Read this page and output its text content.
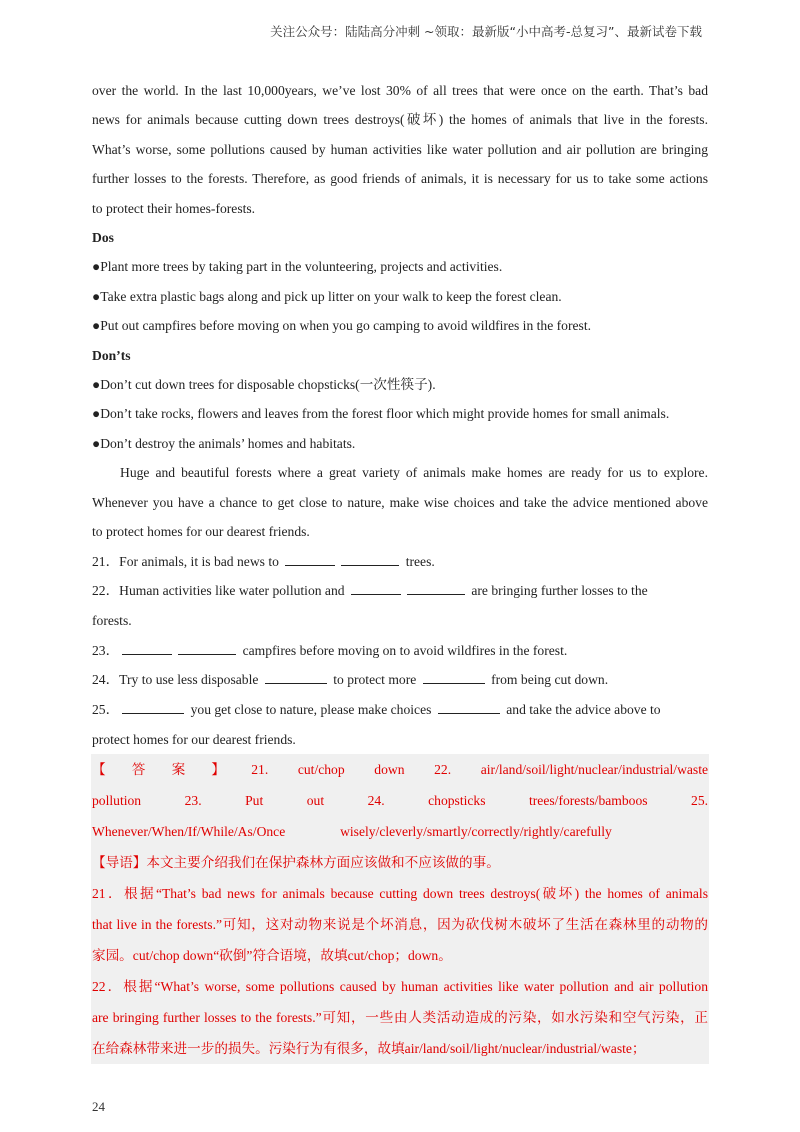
关注公众号：陆陆高分冲刺 ~领取：最新版“小中高考-总复习”、最新试卷下载
over the world. In the last 10,000years, we’ve lost 30% of all trees that were once on the earth. That’s bad
news for animals because cutting down trees destroys(破坏) the homes of animals that live in the forests.
What’s worse, some pollutions caused by human activities like water pollution and air pollution are bringing
further losses to the forests. Therefore, as good friends of animals, it is necessary for us to take some actions
to protect their homes-forests.
Dos
●Plant more trees by taking part in the volunteering, projects and activities.
●Take extra plastic bags along and pick up litter on your walk to keep the forest clean.
●Put out campfires before moving on when you go camping to avoid wildfires in the forest.
Don’ts
●Don’t cut down trees for disposable chopsticks(一次性筷子).
●Don’t take rocks, flowers and leaves from the forest floor which might provide homes for small animals.
●Don’t destroy the animals’ homes and habitats.
Huge and beautiful forests where a great variety of animals make homes are ready for us to explore.
Whenever you have a chance to get close to nature, make wise choices and take the advice mentioned above
to protect homes for our dearest friends.
21．For animals, it is bad news to	trees.
22．Human activities like water pollution and	are bringing further losses to the
forests.
23．	campfires before moving on to avoid wildfires in the forest.
24．Try to use less disposable	to protect more	from being cut down.
25．	you get close to nature, please make choices	and take the advice above to
protect homes for our dearest friends.
【答案】21. cut/chop down 22. air/land/soil/light/nuclear/industrial/waste
pollution	23.	Put	out	24.	chopsticks	trees/forests/bamboos	25.
Whenever/When/If/While/As/Once	wisely/cleverly/smartly/correctly/rightly/carefully
【导语】本文主要介绍我们在保护森林方面应该做和不应该做的事。
21．根据“That’s bad news for animals because cutting down trees destroys(破坏) the homes of animals
that live in the forests.”可知，这对动物来说是个坏消息，因为砍伐树木破坏了生活在森林里的动物的
家园。cut/chop down“砍倒”符合语境，故填cut/chop；down。
22．根据“What’s worse, some pollutions caused by human activities like water pollution and air pollution
are bringing further losses to the forests.”可知，一些由人类活动造成的污染，如水污染和空气污染，正
在给森林带来进一步的损失。污染行为有很多，故填air/land/soil/light/nuclear/industrial/waste；
24
